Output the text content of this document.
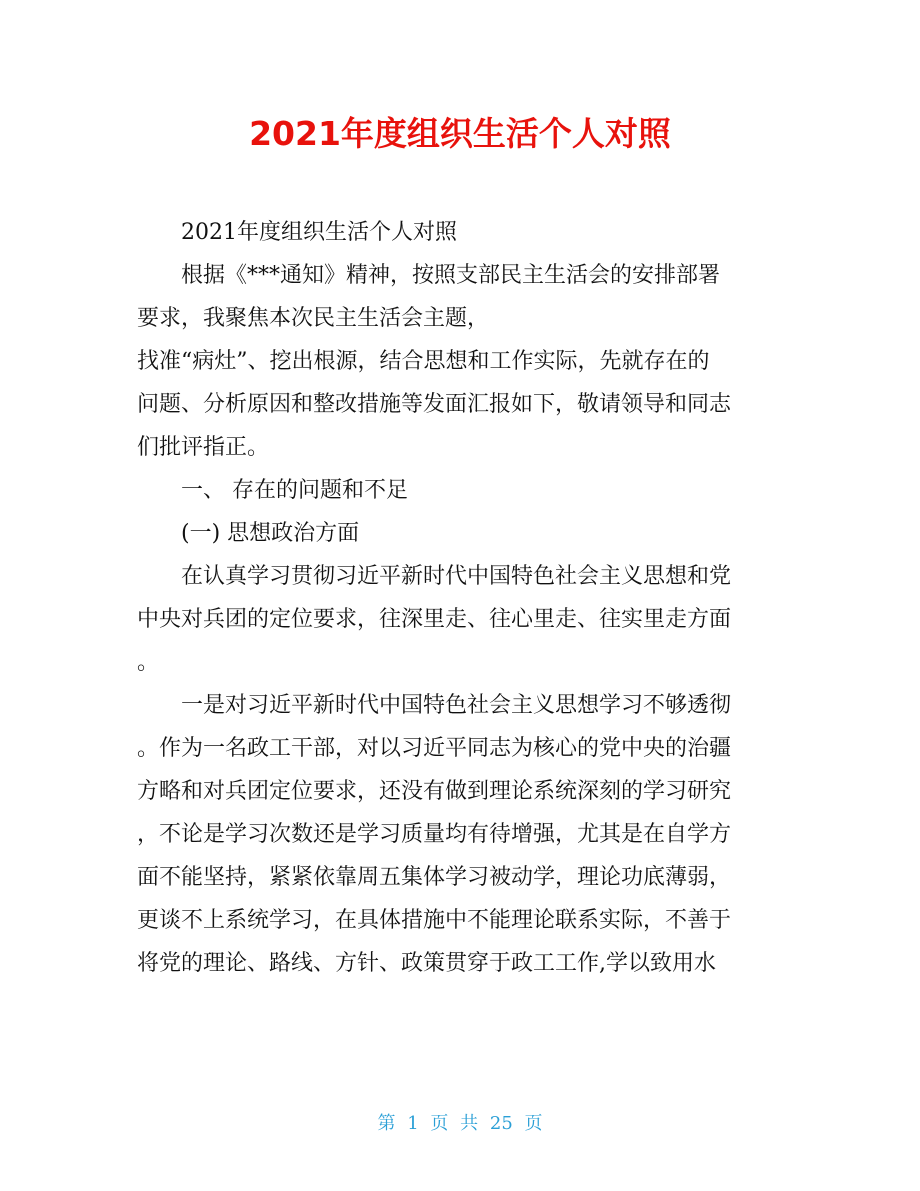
2021年度组织生活个人对照

2021年度组织生活个人对照

根据《***通知》精神，按照支部民主生活会的安排部署

要求，我聚焦本次民主生活会主题，

找准“病灶”、挖出根源，结合思想和工作实际，先就存在的

问题、分析原因和整改措施等发面汇报如下，敬请领导和同志

们批评指正。

一、 存在的问题和不足

(一) 思想政治方面

在认真学习贯彻习近平新时代中国特色社会主义思想和党

中央对兵团的定位要求，往深里走、往心里走、往实里走方面

。

一是对习近平新时代中国特色社会主义思想学习不够透彻

。作为一名政工干部，对以习近平同志为核心的党中央的治疆

方略和对兵团定位要求，还没有做到理论系统深刻的学习研究

，不论是学习次数还是学习质量均有待增强，尤其是在自学方

面不能坚持，紧紧依靠周五集体学习被动学，理论功底薄弱，

更谈不上系统学习，在具体措施中不能理论联系实际，不善于

将党的理论、路线、方针、政策贯穿于政工工作,学以致用水

第 1 页 共 25 页
